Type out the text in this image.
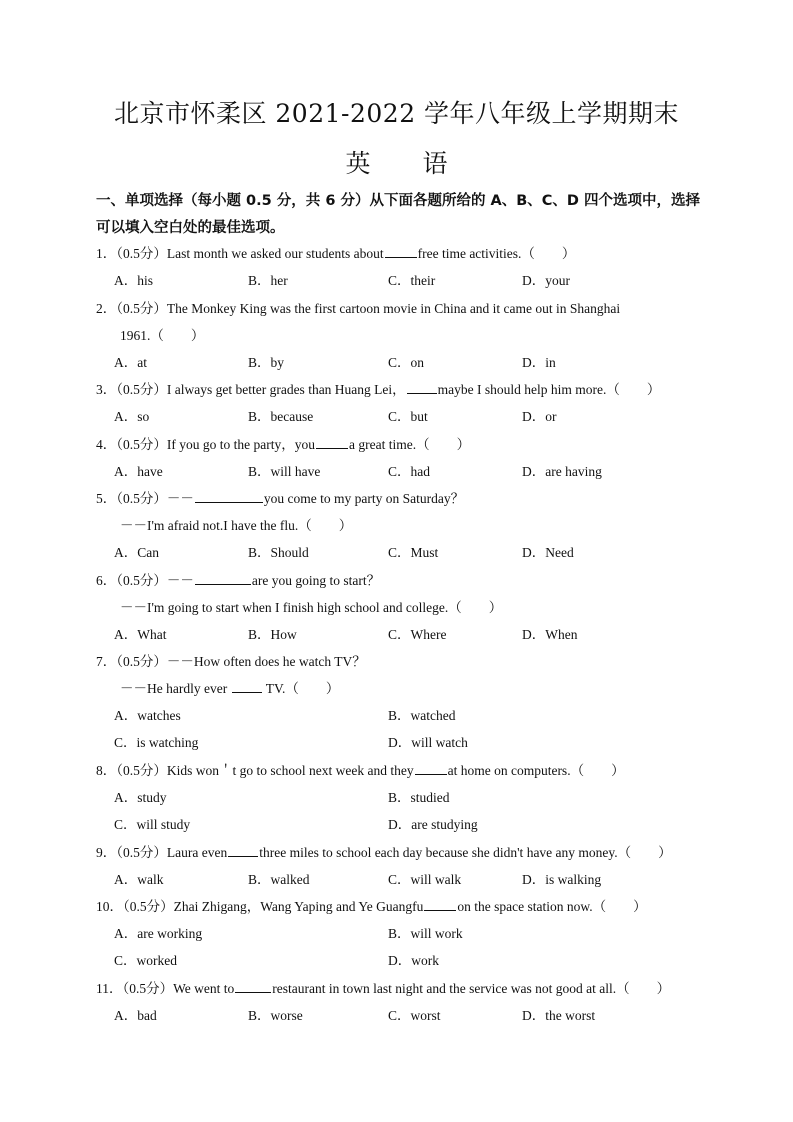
北京市怀柔区 2021-2022 学年八年级上学期期末
英 语
一、单项选择（每小题 0.5 分，共 6 分）从下面各题所给的 A、B、C、D 四个选项中，选择可以填入空白处的最佳选项。
1．（0.5分）Last month we asked our students about	free time activities.（　　）
A．his	B．her	C．their	D．your
2．（0.5分）The Monkey King was the first cartoon movie in China and it came out in Shanghai
1961.（　　）
A．at	B．by	C．on	D．in
3．（0.5分）I always get better grades than Huang Lei， maybe I should help him more.（　　）
A．so	B．because	C．but	D．or
4．（0.5分）If you go to the party，you	a great time.（　　）
A．have	B．will have	C．had	D．are having
5．（0.5分）－－	you come to my party on Saturday？
－－I'm afraid not.I have the flu.（　　）
A．Can	B．Should	C．Must	D．Need
6．（0.5分）－－	are you going to start？
－－I'm going to start when I finish high school and college.（　　）
A．What	B．How	C．Where	D．When
7．（0.5分）－－How often does he watch TV？
－－He hardly ever  TV.（　　）
A．watches	B．watched
C．is watching	D．will watch
8．（0.5分）Kids won＇t go to school next week and they	at home on computers.（　　）
A．study	B．studied
C．will study	D．are studying
9．（0.5分）Laura even three miles to school each day because she didn't have any money.（　　）
A．walk	B．walked	C．will walk	D．is walking
10．（0.5分）Zhai Zhigang，Wang Yaping and Ye Guangfu	on the space station now.（　　）
A．are working	B．will work
C．worked	D．work
11．（0.5分）We went to	restaurant in town last night and the service was not good at all.（　　）
A．bad	B．worse	C．worst	D．the worst
